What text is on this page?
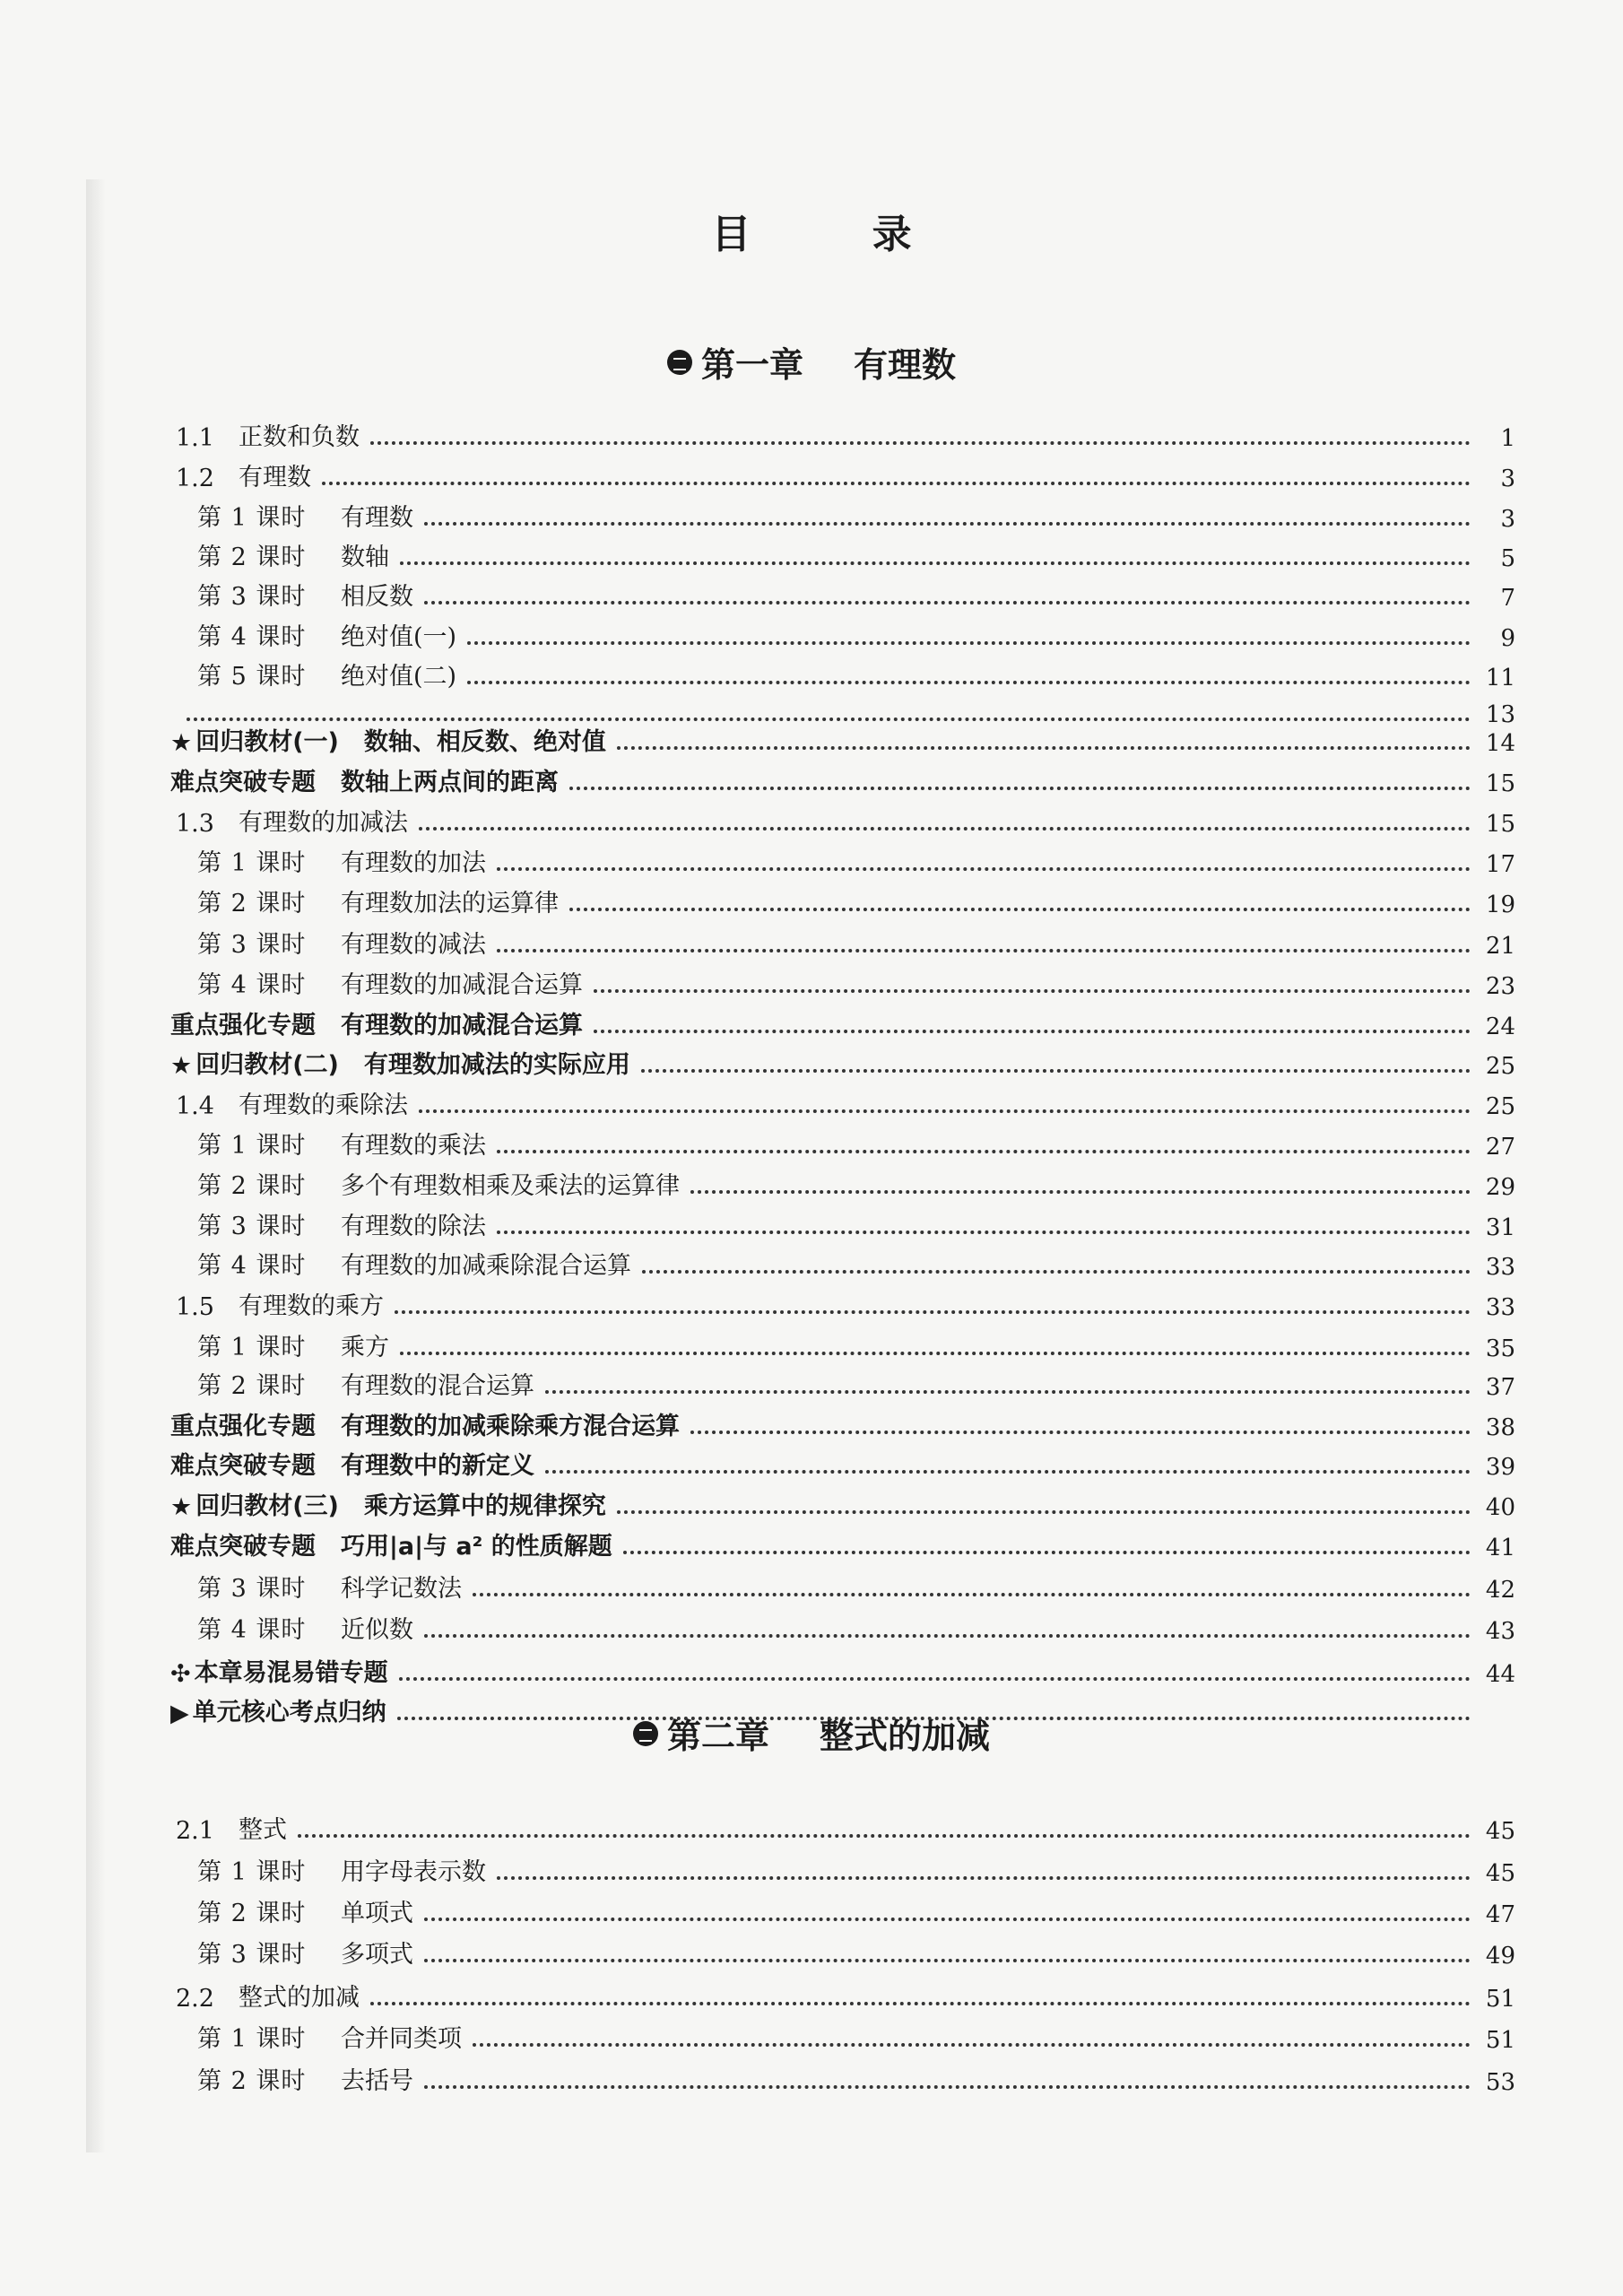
目 录
第一章 有理数
第二章 整式的加减
1.1	正数和负数	1
1.2	有理数	3
第 1 课时	有理数	3
第 2 课时	数轴	5
第 3 课时	相反数	7
第 4 课时	绝对值(一)	9
第 5 课时	绝对值(二)	11
13
★ 回归教材(一) 数轴、相反数、绝对值	14
难点突破专题 数轴上两点间的距离	15
1.3	有理数的加减法	15
第 1 课时	有理数的加法	17
第 2 课时	有理数加法的运算律	19
第 3 课时	有理数的减法	21
第 4 课时	有理数的加减混合运算	23
重点强化专题 有理数的加减混合运算	24
★ 回归教材(二) 有理数加减法的实际应用	25
1.4	有理数的乘除法	25
第 1 课时	有理数的乘法	27
第 2 课时	多个有理数相乘及乘法的运算律	29
第 3 课时	有理数的除法	31
第 4 课时	有理数的加减乘除混合运算	33
1.5	有理数的乘方	33
第 1 课时	乘方	35
第 2 课时	有理数的混合运算	37
重点强化专题 有理数的加减乘除乘方混合运算	38
难点突破专题 有理数中的新定义	39
★ 回归教材(三) 乘方运算中的规律探究	40
难点突破专题 巧用|a|与 a² 的性质解题	41
第 3 课时	科学记数法	42
第 4 课时	近似数	43
✣ 本章易混易错专题	44
▶ 单元核心考点归纳
2.1	整式	45
第 1 课时	用字母表示数	45
第 2 课时	单项式	47
第 3 课时	多项式	49
2.2	整式的加减	51
第 1 课时	合并同类项	51
第 2 课时	去括号	53
